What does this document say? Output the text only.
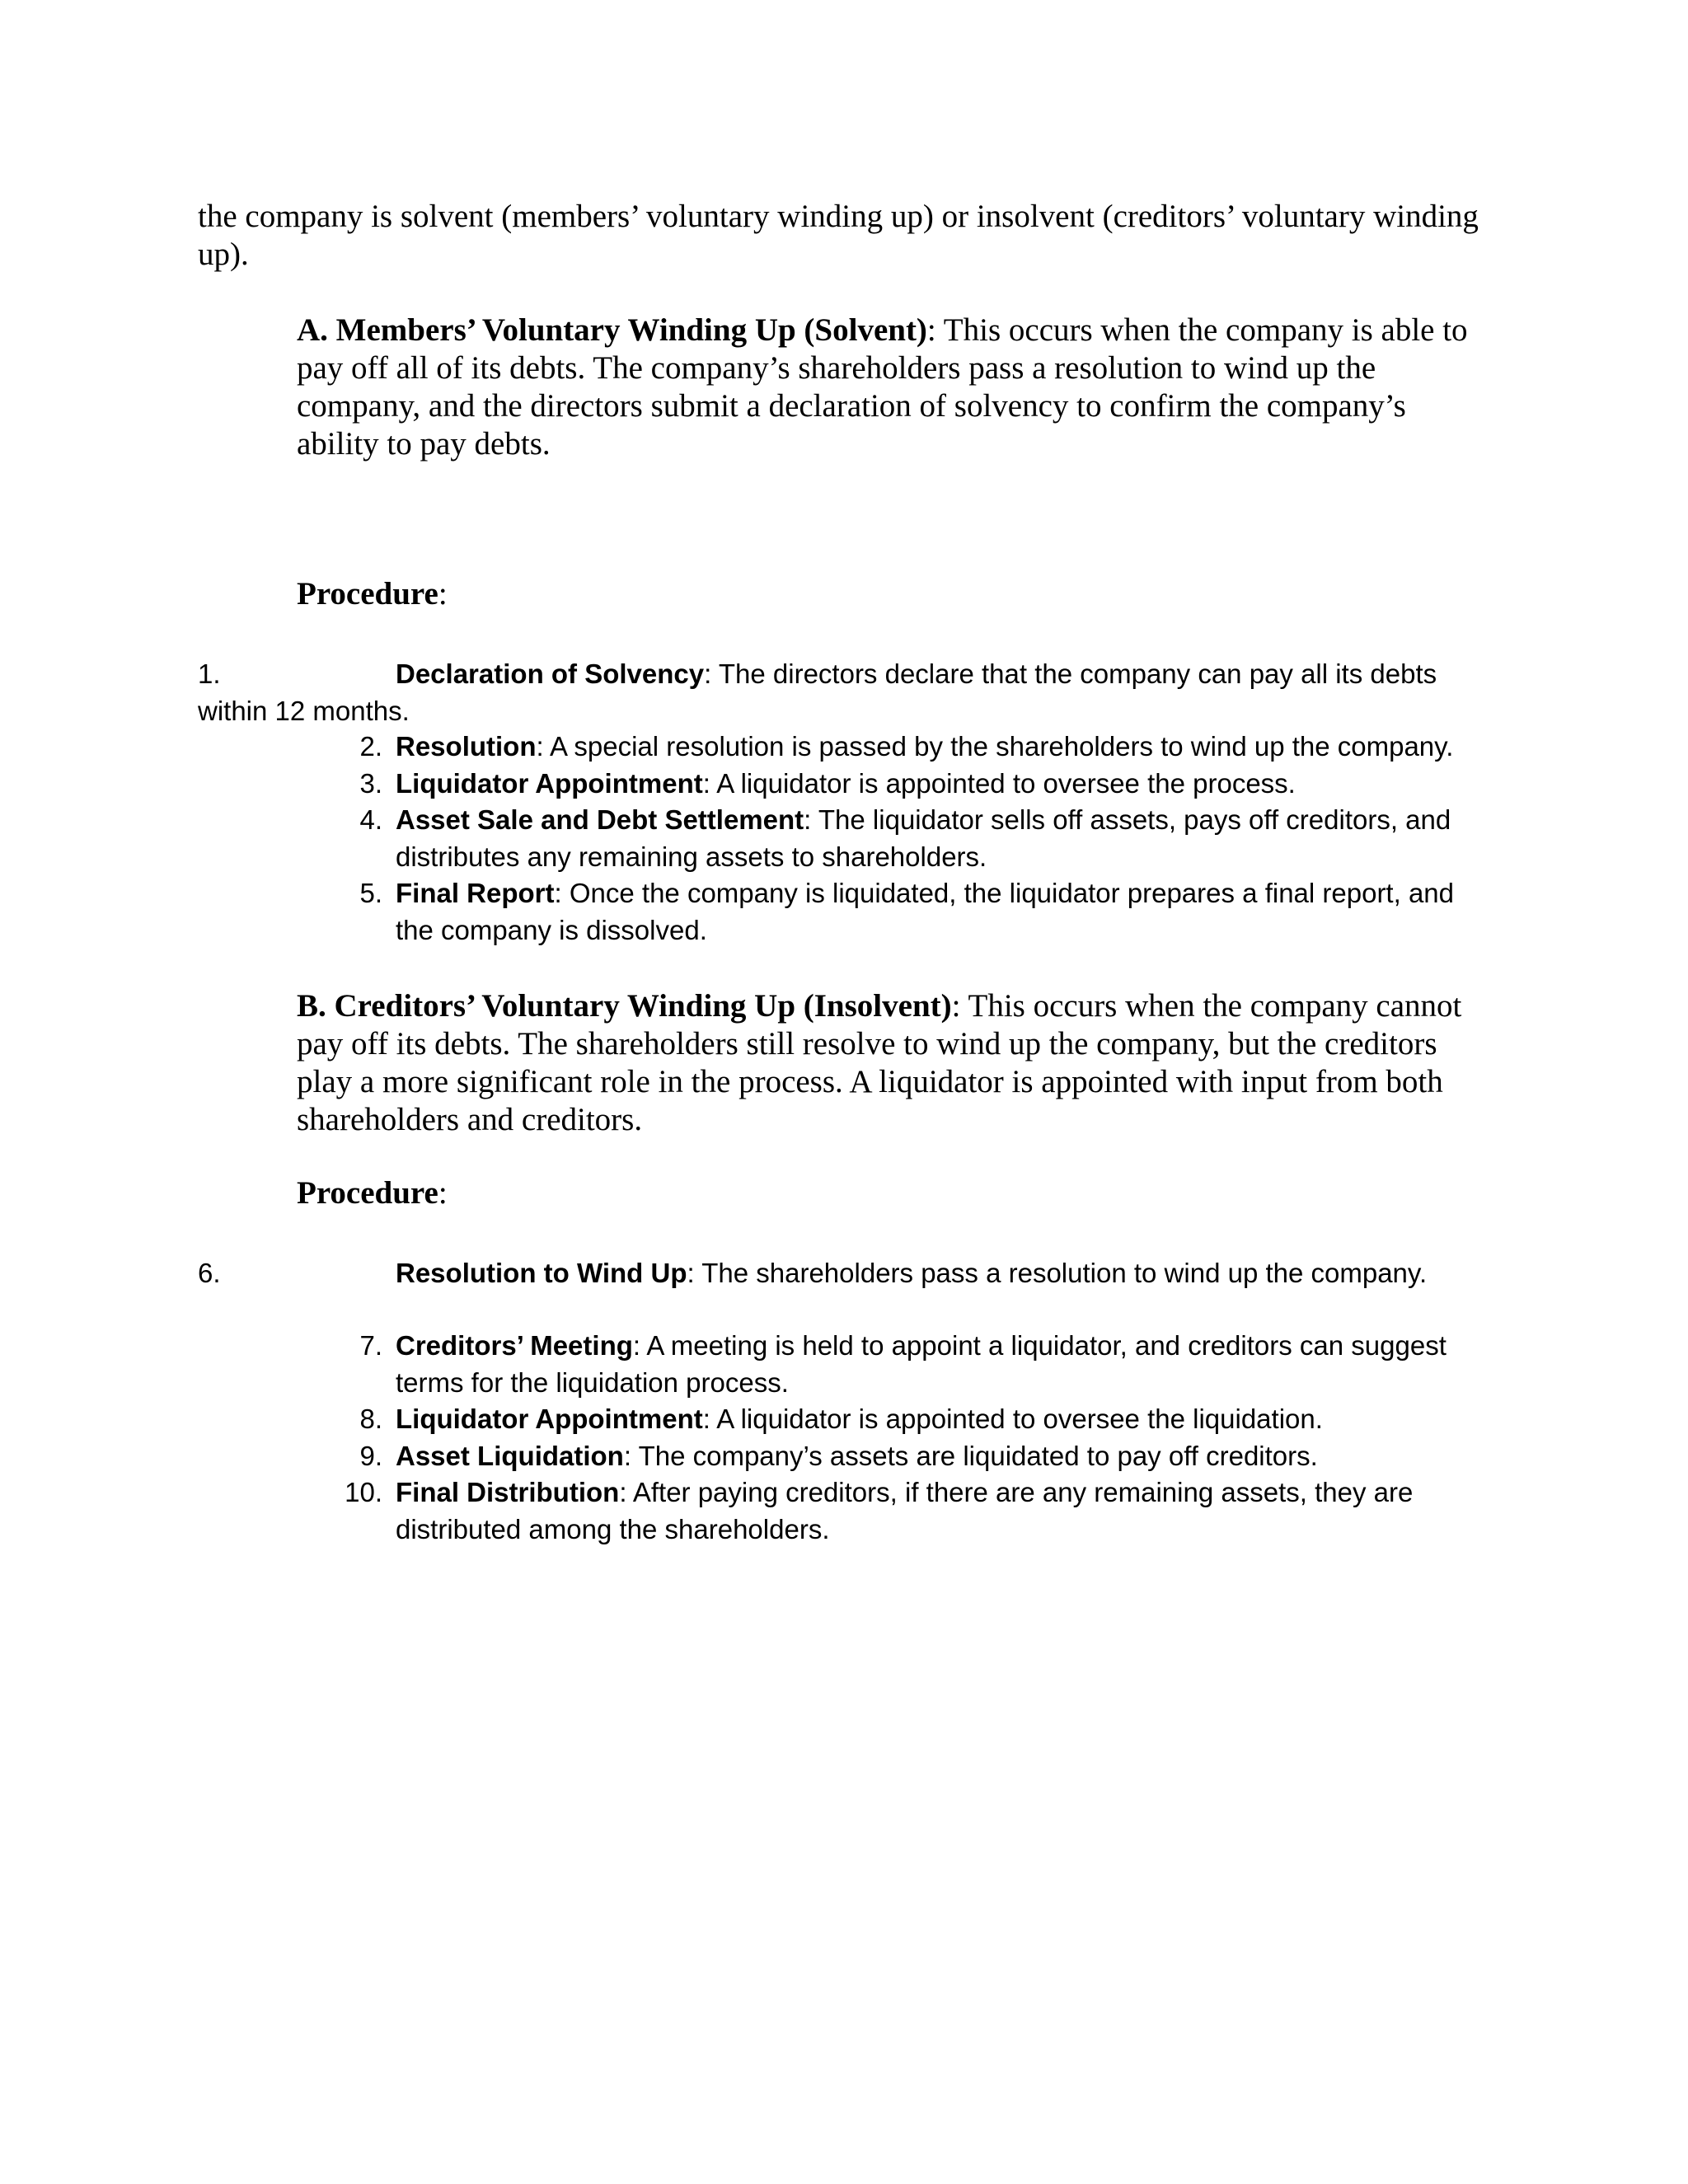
the company is solvent (members’ voluntary winding up) or insolvent (creditors’ voluntary winding up).

A. Members’ Voluntary Winding Up (Solvent): This occurs when the company is able to pay off all of its debts. The company’s shareholders pass a resolution to wind up the company, and the directors submit a declaration of solvency to confirm the company’s ability to pay debts.

Procedure:

1.	Declaration of Solvency: The directors declare that the company can pay all its debts within 12 months.

2. Resolution: A special resolution is passed by the shareholders to wind up the company.
3. Liquidator Appointment: A liquidator is appointed to oversee the process.
4. Asset Sale and Debt Settlement: The liquidator sells off assets, pays off creditors, and distributes any remaining assets to shareholders.
5. Final Report: Once the company is liquidated, the liquidator prepares a final report, and the company is dissolved.

B. Creditors’ Voluntary Winding Up (Insolvent): This occurs when the company cannot pay off its debts. The shareholders still resolve to wind up the company, but the creditors play a more significant role in the process. A liquidator is appointed with input from both shareholders and creditors.

Procedure:

6.	Resolution to Wind Up: The shareholders pass a resolution to wind up the company.

7. Creditors’ Meeting: A meeting is held to appoint a liquidator, and creditors can suggest terms for the liquidation process.
8. Liquidator Appointment: A liquidator is appointed to oversee the liquidation.
9. Asset Liquidation: The company’s assets are liquidated to pay off creditors.
10. Final Distribution: After paying creditors, if there are any remaining assets, they are distributed among the shareholders.
